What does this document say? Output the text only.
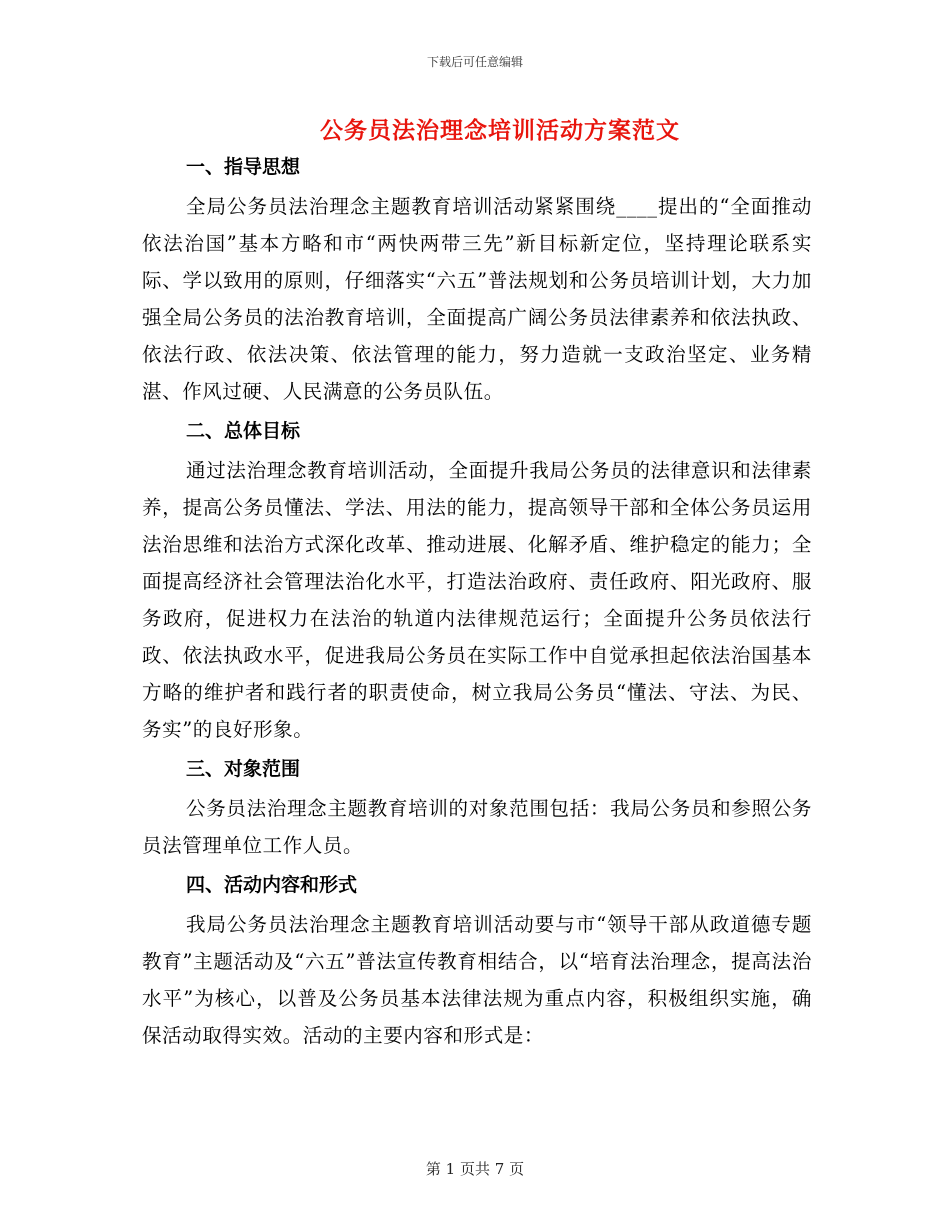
下载后可任意编辑
公务员法治理念培训活动方案范文
一、指导思想

全局公务员法治理念主题教育培训活动紧紧围绕____提出的“全面推动依法治国”基本方略和市“两快两带三先”新目标新定位，坚持理论联系实际、学以致用的原则，仔细落实“六五”普法规划和公务员培训计划，大力加强全局公务员的法治教育培训，全面提高广阔公务员法律素养和依法执政、依法行政、依法决策、依法管理的能力，努力造就一支政治坚定、业务精湛、作风过硬、人民满意的公务员队伍。

二、总体目标

通过法治理念教育培训活动，全面提升我局公务员的法律意识和法律素养，提高公务员懂法、学法、用法的能力，提高领导干部和全体公务员运用法治思维和法治方式深化改革、推动进展、化解矛盾、维护稳定的能力；全面提高经济社会管理法治化水平，打造法治政府、责任政府、阳光政府、服务政府，促进权力在法治的轨道内法律规范运行；全面提升公务员依法行政、依法执政水平，促进我局公务员在实际工作中自觉承担起依法治国基本方略的维护者和践行者的职责使命，树立我局公务员“懂法、守法、为民、务实”的良好形象。

三、对象范围

公务员法治理念主题教育培训的对象范围包括：我局公务员和参照公务员法管理单位工作人员。

四、活动内容和形式

我局公务员法治理念主题教育培训活动要与市“领导干部从政道德专题教育”主题活动及“六五”普法宣传教育相结合，以“培育法治理念，提高法治水平”为核心，以普及公务员基本法律法规为重点内容，积极组织实施，确保活动取得实效。活动的主要内容和形式是：

第 1 页共 7 页
